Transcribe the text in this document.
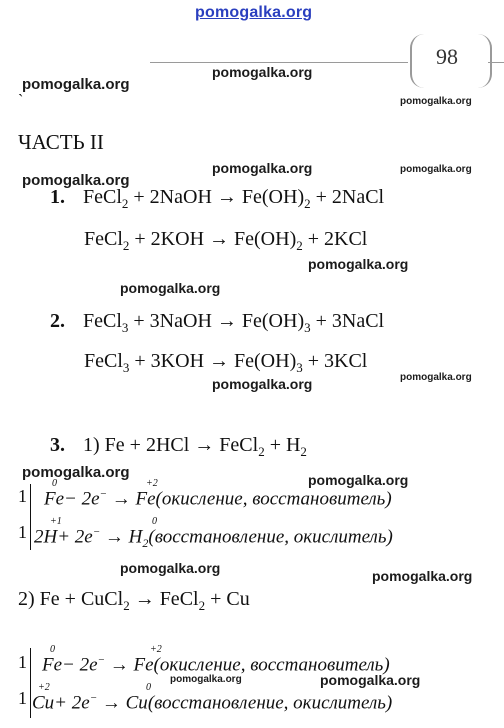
pomogalka.org
98
pomogalka.org
pomogalka.org
pomogalka.org
`
ЧАСТЬ II
pomogalka.org	pomogalka.org
pomogalka.org
1. FeCl$_2$ + 2NaOH → $Fe(OH)_2$ + 2NaCl
FeCl$_2$ + $2KOH \to Fe(OH)_2 + 2KCl$
pomogalka.org
pomogalka.org
2. FeCl$_3$ + 3NaOH → $Fe(OH)_3$ + 3NaCl
FeCl$_3$ + $3KOH \to Fe(OH)_3 + 3KCl$
pomogalka.org	pomogalka.org
3. 1) Fe + 2HCl → FeCl$_2$ + $H_2$
pomogalka.org	pomogalka.org
1
0	+2
Fe− 2e− → Fe(окисление, восстановитель)
1
+1	0
$2H+ 2e^- \to H_2(восстановление$, окислитель)
pomogalka.org	pomogalka.org
2) Fe + CuCl$_2$ → FeCl$_2$ + Cu
1
0	+2
Fe− 2e− → Fe(окисление, восстановитель)
pomogalka.org	pomogalka.org
1
+2	0
Cu+ 2e− → Cu(восстановление, окислитель)
